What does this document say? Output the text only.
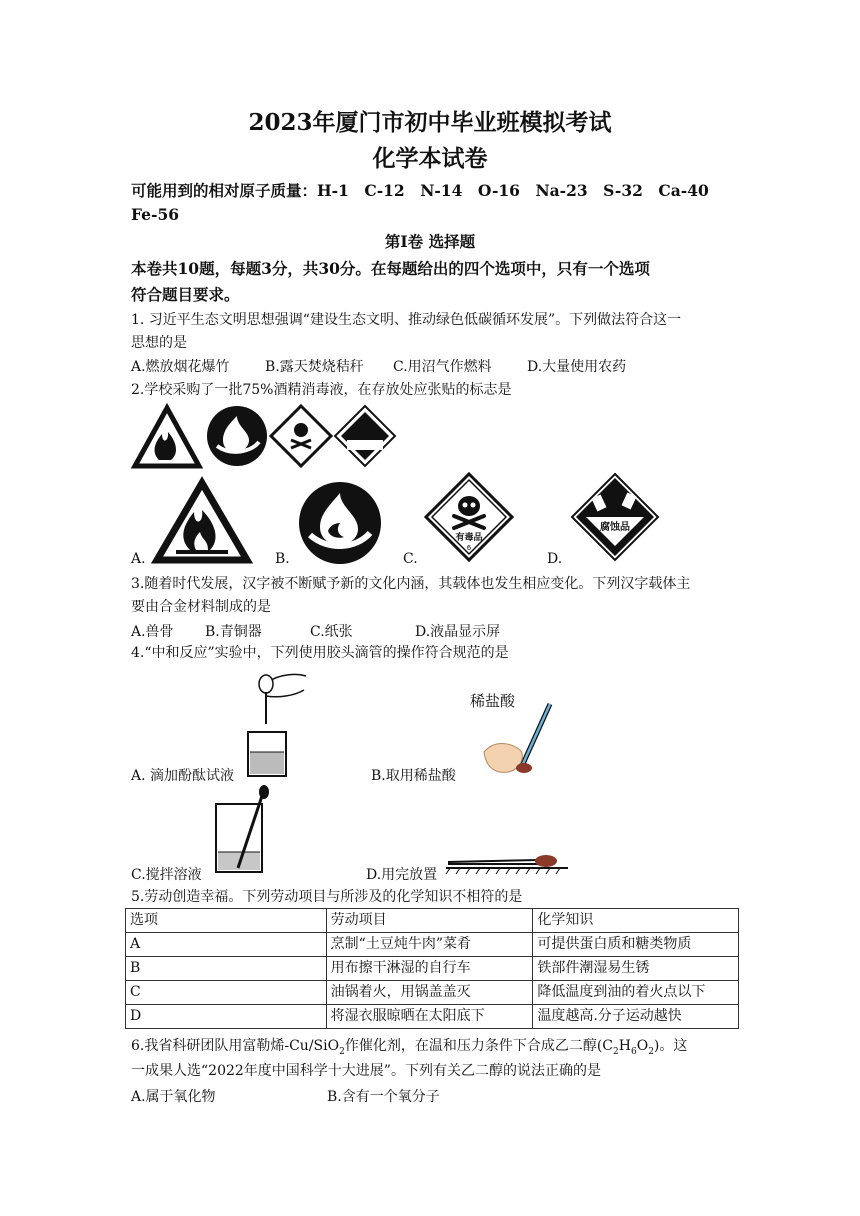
2023年厦门市初中毕业班模拟考试
化学本试卷
可能用到的相对原子质量：H-1　C-12　N-14　O-16　Na-23　S-32　Ca-40
Fe-56
第Ⅰ卷 选择题
本卷共10题，每题3分，共30分。在每题给出的四个选项中，只有一个选项
符合题目要求。
1. 习近平生态文明思想强调“建设生态文明、推动绿色低碳循环发展”。下列做法符合这一
思想的是
A.燃放烟花爆竹	B.露天焚烧秸秆 C.用沼气作燃料	D.大量使用农药
2.学校采购了一批75%酒精消毒液，在存放处应张贴的标志是
A.	B.
有毒品
6
C.
腐蚀品
D.
3.随着时代发展，汉字被不断赋予新的文化内涵，其载体也发生相应变化。下列汉字载体主
要由合金材料制成的是
A.兽骨 B.青铜器	C.纸张	D.液晶显示屏
4.“中和反应”实验中，下列使用胶头滴管的操作符合规范的是
A. 滴加酚酞试液
稀盐酸
B.取用稀盐酸
C.搅拌溶液	D.用完放置
5.劳动创造幸福。下列劳动项目与所涉及的化学知识不相符的是
选项	劳动项目	化学知识
A	烹制“土豆炖牛肉”菜肴	可提供蛋白质和糖类物质
B	用布擦干淋湿的自行车	铁部件潮湿易生锈
C	油锅着火，用锅盖盖灭	降低温度到油的着火点以下
D	将湿衣服晾晒在太阳底下	温度越高.分子运动越快
6.我省科研团队用富勒烯-Cu/SiO$_2$作催化剂，在温和压力条件下合成乙二醇$(C_2H_6O_2)$。这
一成果人选“2022年度中国科学十大进展”。下列有关乙二醇的说法正确的是
A.属于氧化物	B.含有一个氧分子
